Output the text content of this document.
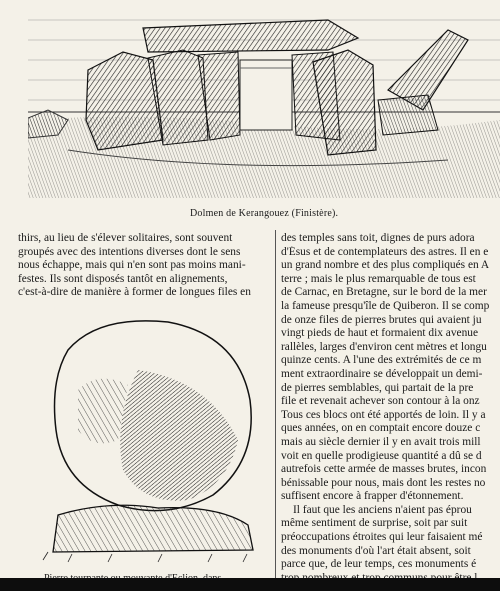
Dolmen de Kerangouez (Finistère).
thirs, au lieu de s'élever solitaires, sont souvent
groupés avec des intentions diverses dont le sens
nous échappe, mais qui n'en sont pas moins mani-
festes. Ils sont disposés tantôt en alignements,
c'est-à-dire de manière à former de longues files en
des temples sans toit, dignes de purs adora
d'Ésus et de contemplateurs des astres. Il en e
un grand nombre et des plus compliqués en A
terre ; mais le plus remarquable de tous est
de Carnac, en Bretagne, sur le bord de la mer
la fameuse presqu'île de Quiberon. Il se comp
de onze files de pierres brutes qui avaient ju
vingt pieds de haut et formaient dix avenue
rallèles, larges d'environ cent mètres et longu
quinze cents. A l'une des extrémités de ce m
ment extraordinaire se développait un demi-
de pierres semblables, qui partait de la pre
file et revenait achever son contour à la onz
Tous ces blocs ont été apportés de loin. Il y a
ques années, on en comptait encore douze c
mais au siècle dernier il y en avait trois mill
voit en quelle prodigieuse quantité a dû se d
autrefois cette armée de masses brutes, incon
bénissable pour nous, mais dont les restes no
suffisent encore à frapper d'étonnement.
Il faut que les anciens n'aient pas éprou
même sentiment de surprise, soit par suit
préoccupations étroites qui leur faisaient mé
des monuments d'où l'art était absent, soit
parce que, de leur temps, ces monuments é
